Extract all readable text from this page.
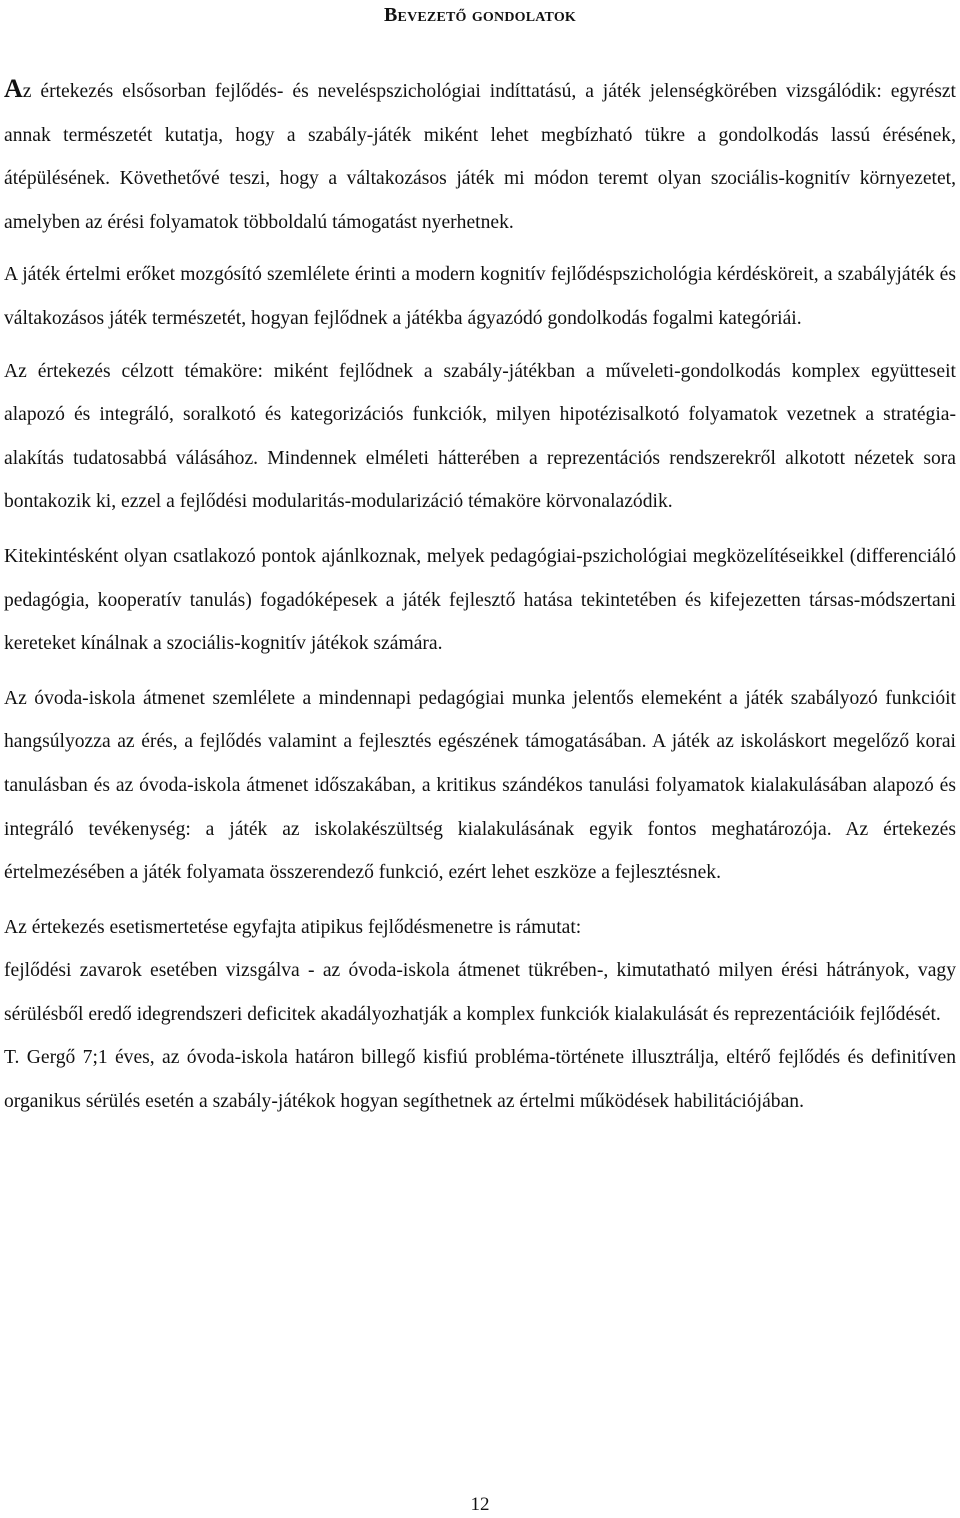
Bevezető gondolatok

Az értekezés elsősorban fejlődés- és neveléspszichológiai indíttatású, a játék jelenségkörében vizsgálódik: egyrészt annak természetét kutatja, hogy a szabály-játék miként lehet megbízható tükre a gondolkodás lassú érésének, átépülésének. Követhetővé teszi, hogy a váltakozásos játék mi módon teremt olyan szociális-kognitív környezetet, amelyben az érési folyamatok többoldalú támogatást nyerhetnek.

A játék értelmi erőket mozgósító szemlélete érinti a modern kognitív fejlődéspszichológia kérdésköreit, a szabályjáték és váltakozásos játék természetét, hogyan fejlődnek a játékba ágyazódó gondolkodás fogalmi kategóriái.

Az értekezés célzott témaköre: miként fejlődnek a szabály-játékban a műveleti-gondolkodás komplex együtteseit alapozó és integráló, soralkotó és kategorizációs funkciók, milyen hipotézisalkotó folyamatok vezetnek a stratégia-alakítás tudatosabbá válásához. Mindennek elméleti hátterében a reprezentációs rendszerekről alkotott nézetek sora bontakozik ki, ezzel a fejlődési modularitás-modularizáció témaköre körvonalazódik.

Kitekintésként olyan csatlakozó pontok ajánlkoznak, melyek pedagógiai-pszichológiai megközelítéseikkel (differenciáló pedagógia, kooperatív tanulás) fogadóképesek a játék fejlesztő hatása tekintetében és kifejezetten társas-módszertani kereteket kínálnak a szociális-kognitív játékok számára.

Az óvoda-iskola átmenet szemlélete a mindennapi pedagógiai munka jelentős elemeként a játék szabályozó funkcióit hangsúlyozza az érés, a fejlődés valamint a fejlesztés egészének támogatásában. A játék az iskoláskort megelőző korai tanulásban és az óvoda-iskola átmenet időszakában, a kritikus szándékos tanulási folyamatok kialakulásában alapozó és integráló tevékenység: a játék az iskolakészültség kialakulásának egyik fontos meghatározója. Az értekezés értelmezésében a játék folyamata összerendező funkció, ezért lehet eszköze a fejlesztésnek.

Az értekezés esetismertetése egyfajta atipikus fejlődésmenetre is rámutat:

fejlődési zavarok esetében vizsgálva - az óvoda-iskola átmenet tükrében-, kimutatható milyen érési hátrányok, vagy sérülésből eredő idegrendszeri deficitek akadályozhatják a komplex funkciók kialakulását és reprezentációik fejlődését.

T. Gergő 7;1 éves, az óvoda-iskola határon billegő kisfiú probléma-története illusztrálja, eltérő fejlődés és definitíven organikus sérülés esetén a szabály-játékok hogyan segíthetnek az értelmi működések habilitációjában.

12
